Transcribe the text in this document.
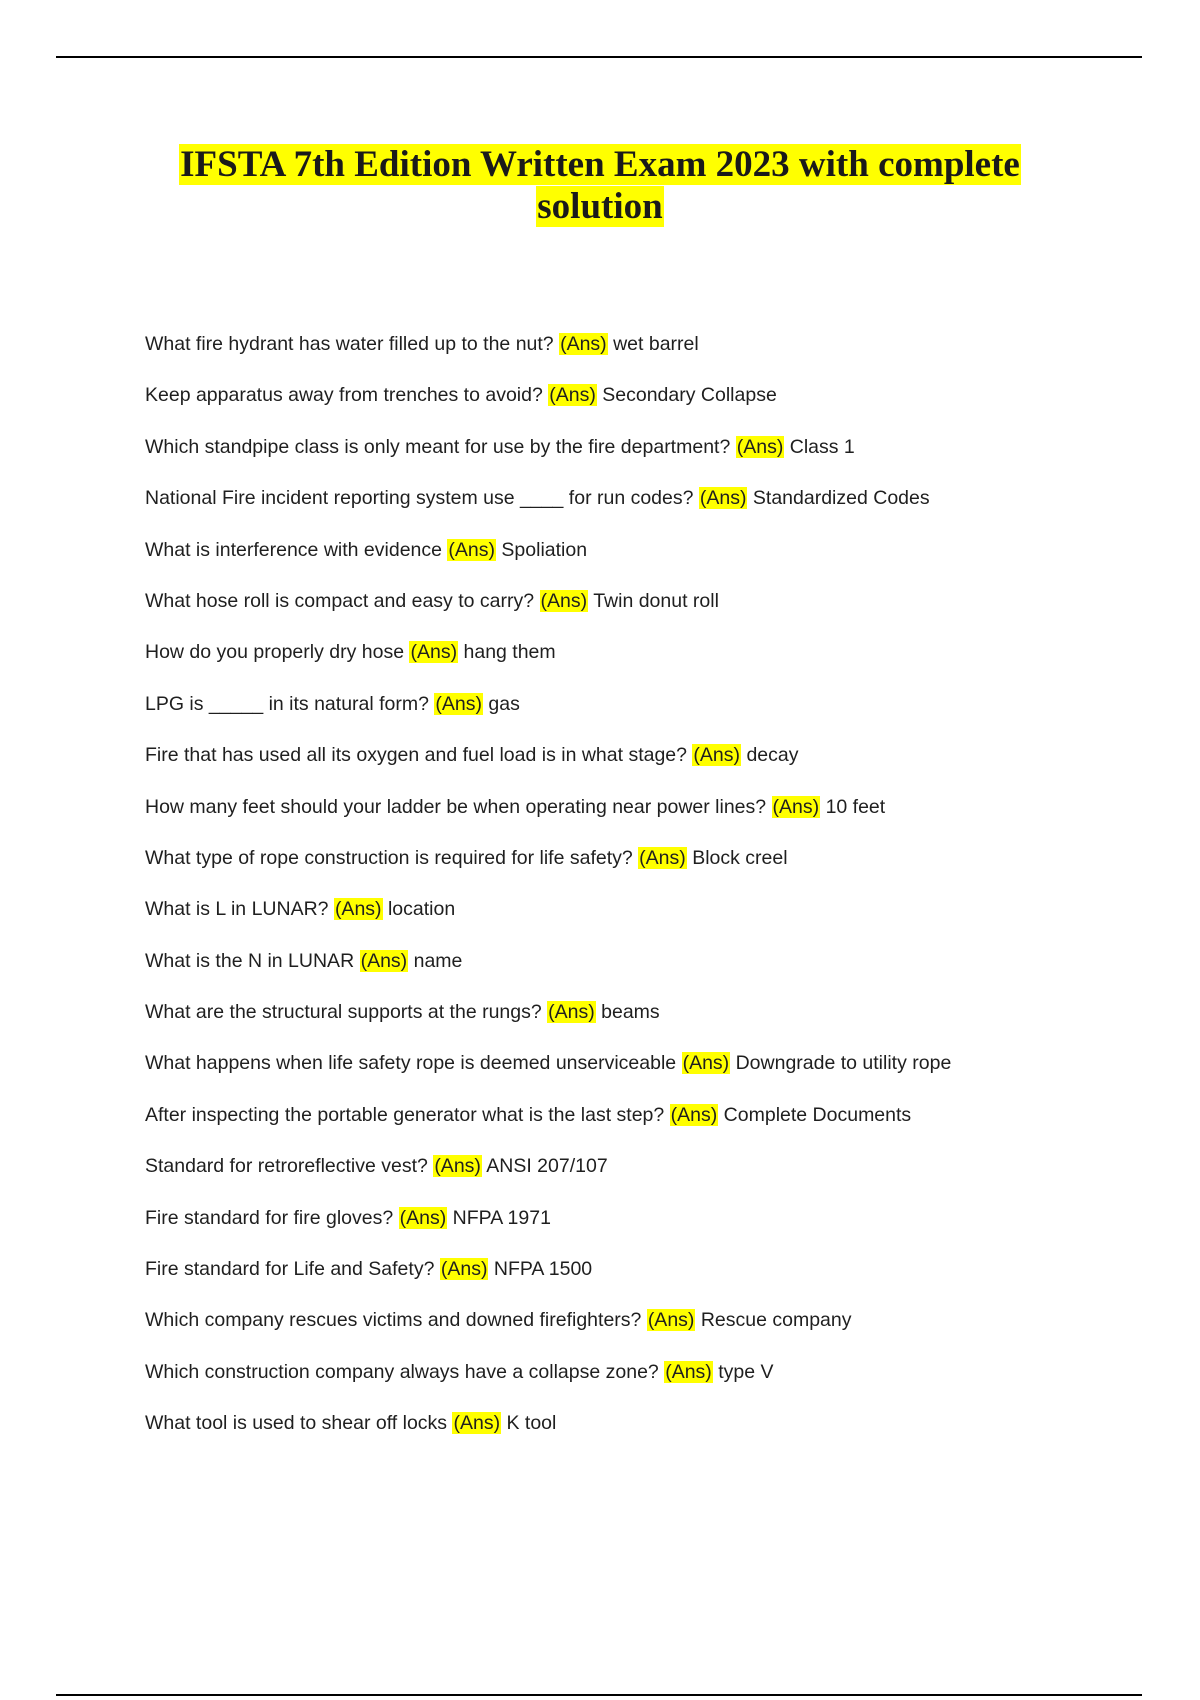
IFSTA 7th Edition Written Exam 2023 with complete solution
What fire hydrant has water filled up to the nut? (Ans) wet barrel
Keep apparatus away from trenches to avoid? (Ans) Secondary Collapse
Which standpipe class is only meant for use by the fire department? (Ans) Class 1
National Fire incident reporting system use ____ for run codes? (Ans) Standardized Codes
What is interference with evidence (Ans) Spoliation
What hose roll is compact and easy to carry? (Ans) Twin donut roll
How do you properly dry hose (Ans) hang them
LPG is _____ in its natural form? (Ans) gas
Fire that has used all its oxygen and fuel load is in what stage? (Ans) decay
How many feet should your ladder be when operating near power lines? (Ans) 10 feet
What type of rope construction is required for life safety? (Ans) Block creel
What is L in LUNAR? (Ans) location
What is the N in LUNAR (Ans) name
What are the structural supports at the rungs? (Ans) beams
What happens when life safety rope is deemed unserviceable (Ans) Downgrade to utility rope
After inspecting the portable generator what is the last step? (Ans) Complete Documents
Standard for retroreflective vest? (Ans) ANSI 207/107
Fire standard for fire gloves? (Ans) NFPA 1971
Fire standard for Life and Safety? (Ans) NFPA 1500
Which company rescues victims and downed firefighters? (Ans) Rescue company
Which construction company always have a collapse zone? (Ans) type V
What tool is used to shear off locks (Ans) K tool
